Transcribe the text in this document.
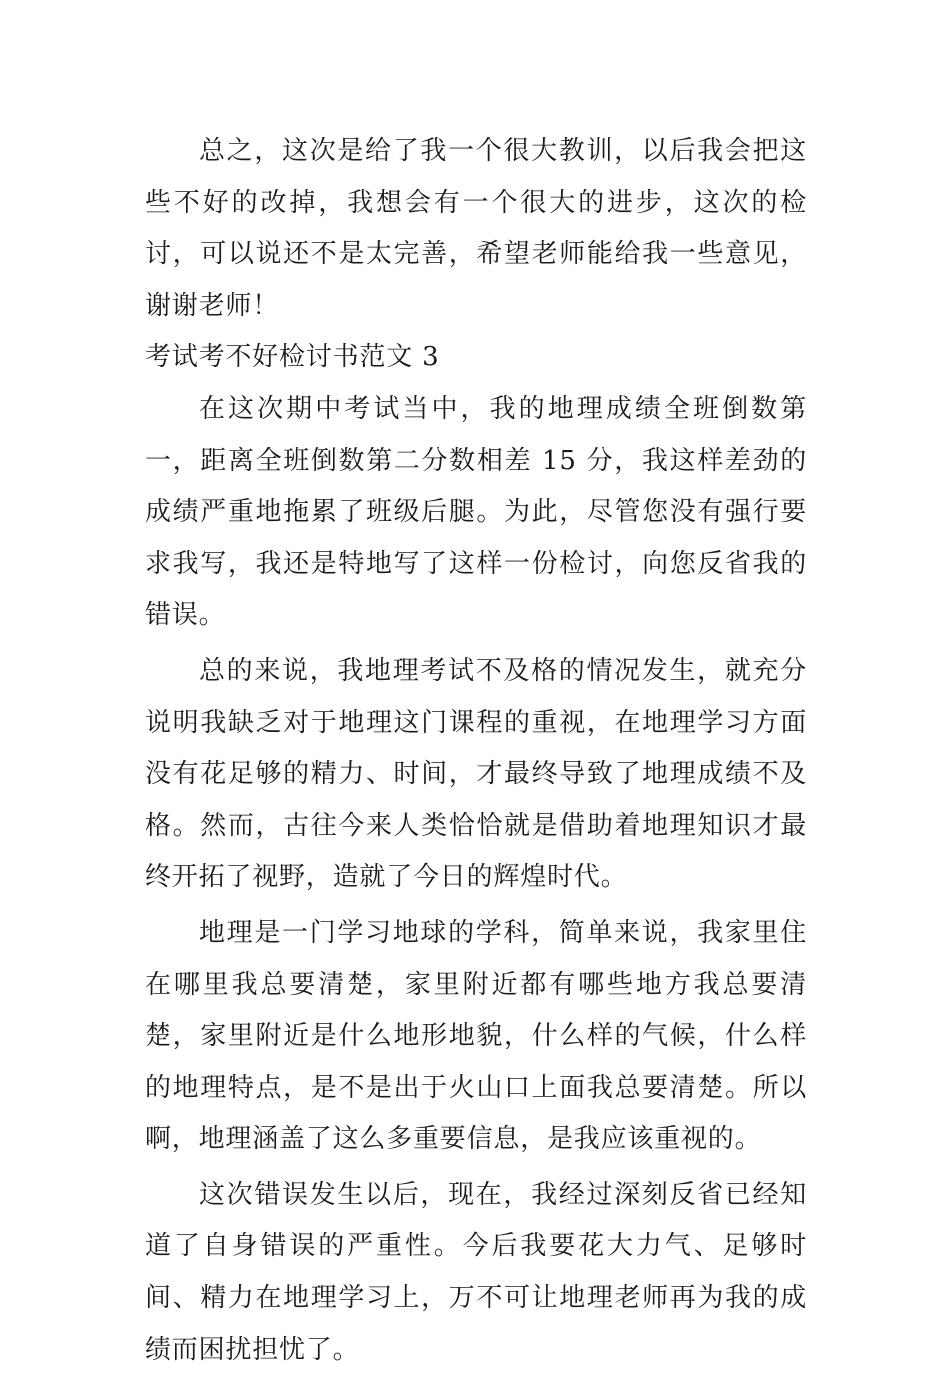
总之，这次是给了我一个很大教训，以后我会把这些不好的改掉，我想会有一个很大的进步，这次的检讨，可以说还不是太完善，希望老师能给我一些意见，谢谢老师！

考试考不好检讨书范文 3

在这次期中考试当中，我的地理成绩全班倒数第一，距离全班倒数第二分数相差 15 分，我这样差劲的成绩严重地拖累了班级后腿。为此，尽管您没有强行要求我写，我还是特地写了这样一份检讨，向您反省我的错误。

总的来说，我地理考试不及格的情况发生，就充分说明我缺乏对于地理这门课程的重视，在地理学习方面没有花足够的精力、时间，才最终导致了地理成绩不及格。然而，古往今来人类恰恰就是借助着地理知识才最终开拓了视野，造就了今日的辉煌时代。

地理是一门学习地球的学科，简单来说，我家里住在哪里我总要清楚，家里附近都有哪些地方我总要清楚，家里附近是什么地形地貌，什么样的气候，什么样的地理特点，是不是出于火山口上面我总要清楚。所以啊，地理涵盖了这么多重要信息，是我应该重视的。

这次错误发生以后，现在，我经过深刻反省已经知道了自身错误的严重性。今后我要花大力气、足够时间、精力在地理学习上，万不可让地理老师再为我的成绩而困扰担忧了。
